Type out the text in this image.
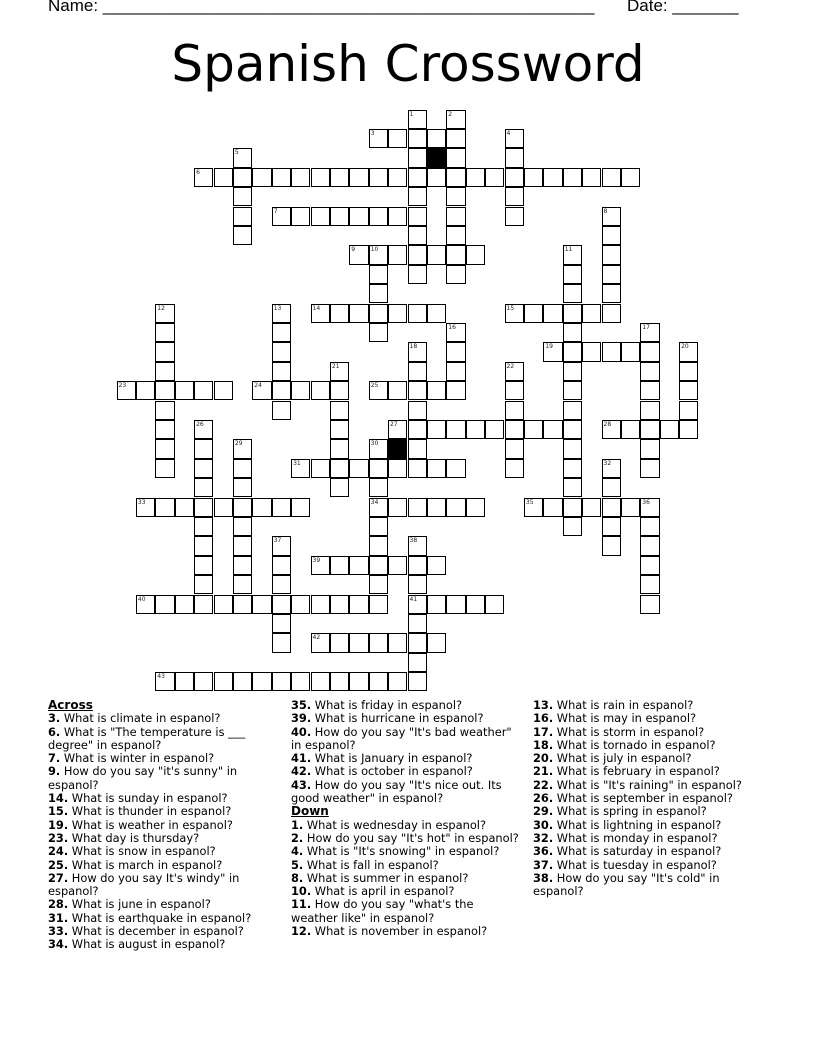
Name: ____________________________________________________ Date: _______
Spanish Crossword
1	2
3	4
5
6
7	8
9	10	11
12	13	14	15
16	17
18	19	20
21	22
23	24	25
26	27	28
29	30
34
31	32
33	35	36
37	38
41
39
40
42
43
Across
3. What is climate in espanol?
6. What is "The temperature is ___ degree" in espanol?
7. What is winter in espanol?
9. How do you say "it's sunny" in espanol?
14. What is sunday in espanol?
15. What is thunder in espanol?
19. What is weather in espanol?
23. What day is thursday?
24. What is snow in espanol?
25. What is march in espanol?
27. How do you say It's windy" in espanol?
28. What is june in espanol?
31. What is earthquake in espanol?
33. What is december in espanol?
34. What is august in espanol?
35. What is friday in espanol?
39. What is hurricane in espanol?
40. How do you say "It's bad weather" in espanol?
41. What is January in espanol?
42. What is october in espanol?
43. How do you say "It's nice out. Its good weather" in espanol?
Down
1. What is wednesday in espanol?
2. How do you say "It's hot" in espanol?
4. What is "It's snowing" in espanol?
5. What is fall in espanol?
8. What is summer in espanol?
10. What is april in espanol?
11. How do you say "what's the weather like" in espanol?
12. What is november in espanol?
13. What is rain in espanol?
16. What is may in espanol?
17. What is storm in espanol?
18. What is tornado in espanol?
20. What is july in espanol?
21. What is february in espanol?
22. What is "It's raining" in espanol?
26. What is september in espanol?
29. What is spring in espanol?
30. What is lightning in espanol?
32. What is monday in espanol?
36. What is saturday in espanol?
37. What is tuesday in espanol?
38. How do you say "It's cold" in espanol?
